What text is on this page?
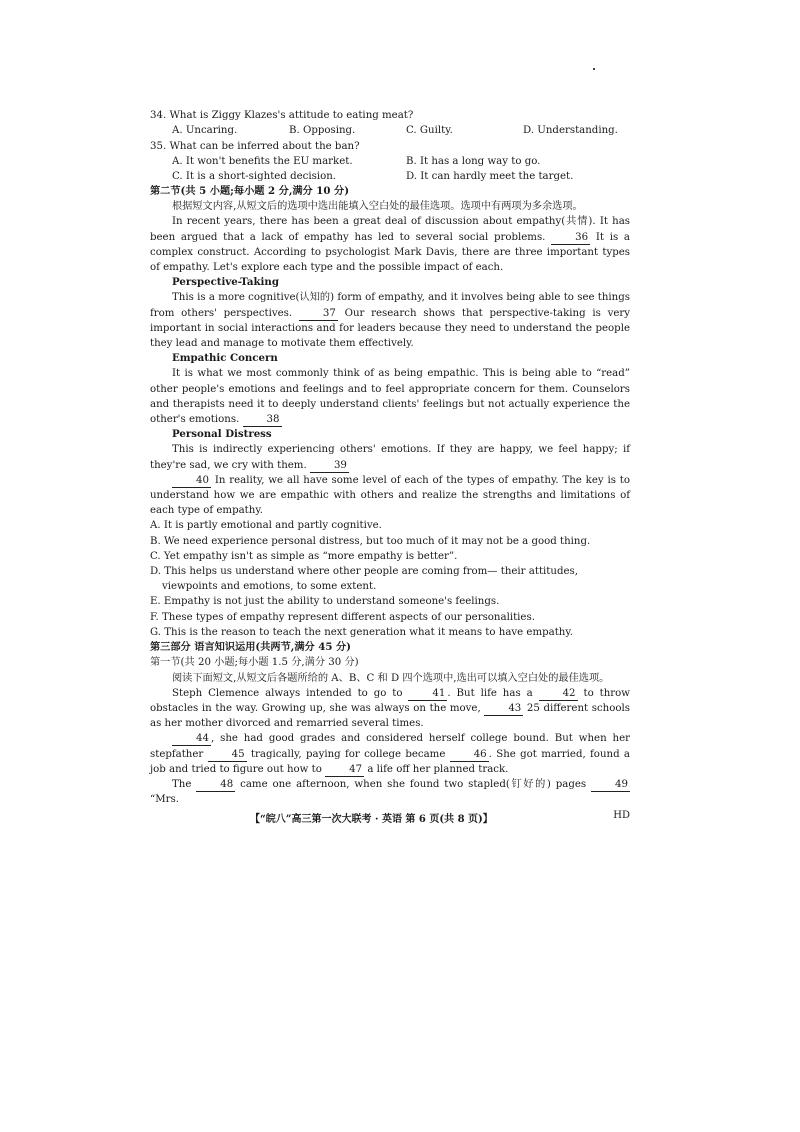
34. What is Ziggy Klazes's attitude to eating meat?
A. Uncaring.	B. Opposing.	C. Guilty.	D. Understanding.
35. What can be inferred about the ban?
A. It won't benefits the EU market.	B. It has a long way to go.
C. It is a short-sighted decision.	D. It can hardly meet the target.
第二节(共 5 小题;每小题 2 分,满分 10 分)
根据短文内容,从短文后的选项中选出能填入空白处的最佳选项。选项中有两项为多余选项。
In recent years, there has been a great deal of discussion about empathy(共情). It has been argued that a lack of empathy has led to several social problems.	36 It is a complex construct. According to psychologist Mark Davis, there are three important types of empathy. Let's explore each type and the possible impact of each.
Perspective-Taking
This is a more cognitive(认知的) form of empathy, and it involves being able to see things from others' perspectives.	37 Our research shows that perspective-taking is very important in social interactions and for leaders because they need to understand the people they lead and manage to motivate them effectively.
Empathic Concern
It is what we most commonly think of as being empathic. This is being able to “read” other people's emotions and feelings and to feel appropriate concern for them. Counselors and therapists need it to deeply understand clients' feelings but not actually experience the other's emotions.	38
Personal Distress
This is indirectly experiencing others' emotions. If they are happy, we feel happy; if they're sad, we cry with them.	39
40 In reality, we all have some level of each of the types of empathy. The key is to understand how we are empathic with others and realize the strengths and limitations of each type of empathy.
A. It is partly emotional and partly cognitive.
B. We need experience personal distress, but too much of it may not be a good thing.
C. Yet empathy isn't as simple as “more empathy is better”.
D. This helps us understand where other people are coming from— their attitudes, viewpoints and emotions, to some extent.
E. Empathy is not just the ability to understand someone's feelings.
F. These types of empathy represent different aspects of our personalities.
G. This is the reason to teach the next generation what it means to have empathy.
第三部分 语言知识运用(共两节,满分 45 分)
第一节(共 20 小题;每小题 1.5 分,满分 30 分)
阅读下面短文,从短文后各题所给的 A、B、C 和 D 四个选项中,选出可以填入空白处的最佳选项。
Steph Clemence always intended to go to	41 . But life has a	42 to throw obstacles in the way. Growing up, she was always on the move,	43 25 different schools as her mother divorced and remarried several times.
44 , she had good grades and considered herself college bound. But when her stepfather	45 tragically, paying for college became	46 . She got married, found a job and tried to figure out how to	47 a life off her planned track.
The	48 came one afternoon, when she found two stapled(钉好的) pages	49 “Mrs.
【“皖八”高三第一次大联考 · 英语 第 6 页(共 8 页)】	HD
